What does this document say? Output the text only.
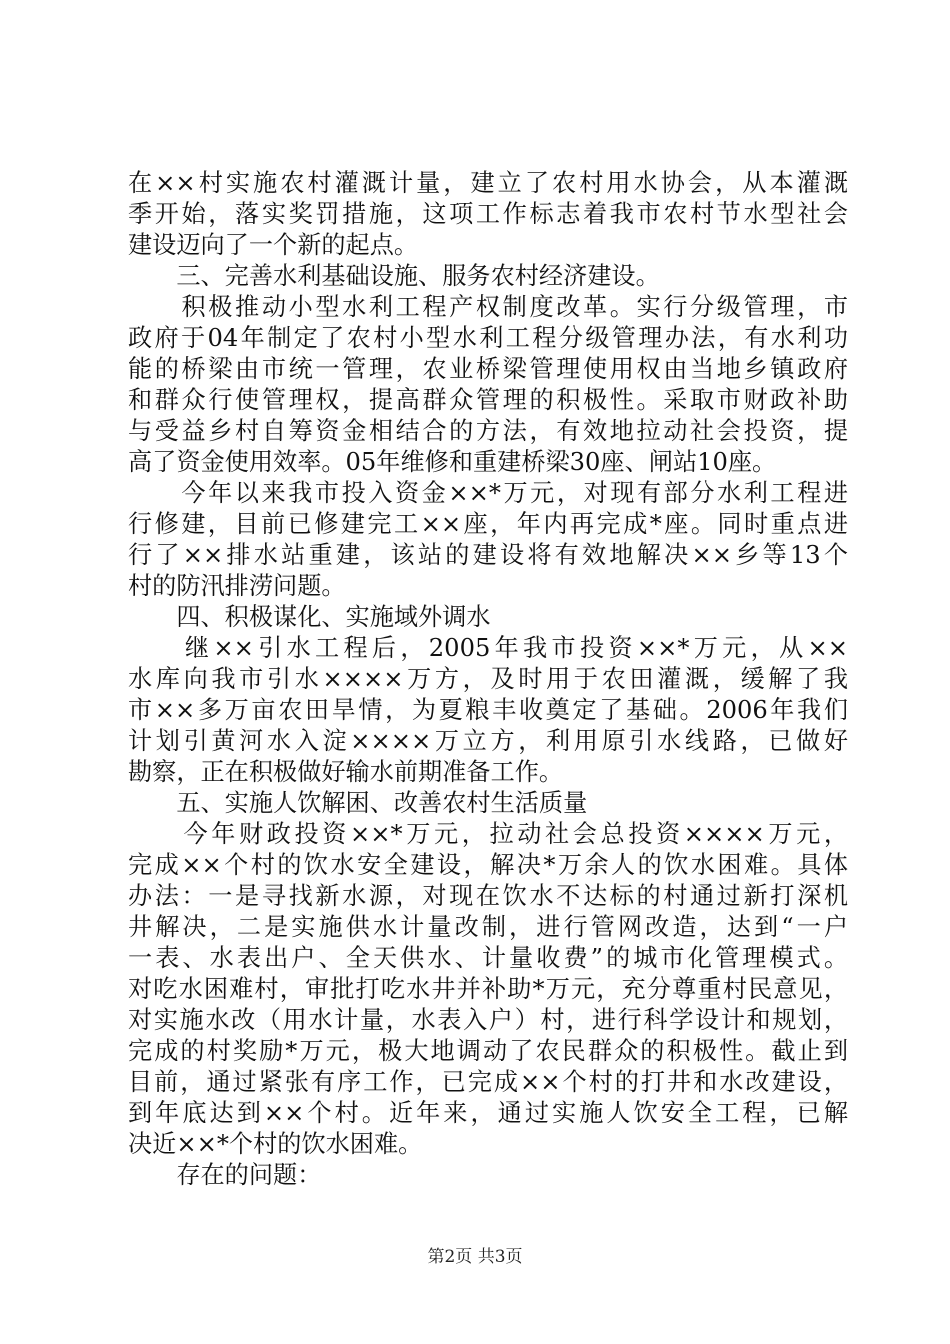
在××村实施农村灌溉计量，建立了农村用水协会，从本灌溉
季开始，落实奖罚措施，这项工作标志着我市农村节水型社会
建设迈向了一个新的起点。
　　三、完善水利基础设施、服务农村经济建设。
　　积极推动小型水利工程产权制度改革。实行分级管理，市
政府于04年制定了农村小型水利工程分级管理办法，有水利功
能的桥梁由市统一管理，农业桥梁管理使用权由当地乡镇政府
和群众行使管理权，提高群众管理的积极性。采取市财政补助
与受益乡村自筹资金相结合的方法，有效地拉动社会投资，提
高了资金使用效率。05年维修和重建桥梁30座、闸站10座。
　　今年以来我市投入资金××*万元，对现有部分水利工程进
行修建，目前已修建完工××座，年内再完成*座。同时重点进
行了××排水站重建，该站的建设将有效地解决××乡等13个
村的防汛排涝问题。
　　四、积极谋化、实施域外调水
　　继××引水工程后，2005年我市投资××*万元，从××
水库向我市引水××××万方，及时用于农田灌溉，缓解了我
市××多万亩农田旱情，为夏粮丰收奠定了基础。2006年我们
计划引黄河水入淀××××万立方，利用原引水线路，已做好
勘察，正在积极做好输水前期准备工作。
　　五、实施人饮解困、改善农村生活质量
　　今年财政投资××*万元，拉动社会总投资××××万元，
完成××个村的饮水安全建设，解决*万余人的饮水困难。具体
办法：一是寻找新水源，对现在饮水不达标的村通过新打深机
井解决，二是实施供水计量改制，进行管网改造，达到“一户
一表、水表出户、全天供水、计量收费”的城市化管理模式。
对吃水困难村，审批打吃水井并补助*万元，充分尊重村民意见，
对实施水改（用水计量，水表入户）村，进行科学设计和规划，
完成的村奖励*万元，极大地调动了农民群众的积极性。截止到
目前，通过紧张有序工作，已完成××个村的打井和水改建设，
到年底达到××个村。近年来，通过实施人饮安全工程，已解
决近××*个村的饮水困难。
　　存在的问题：
第2页 共3页
